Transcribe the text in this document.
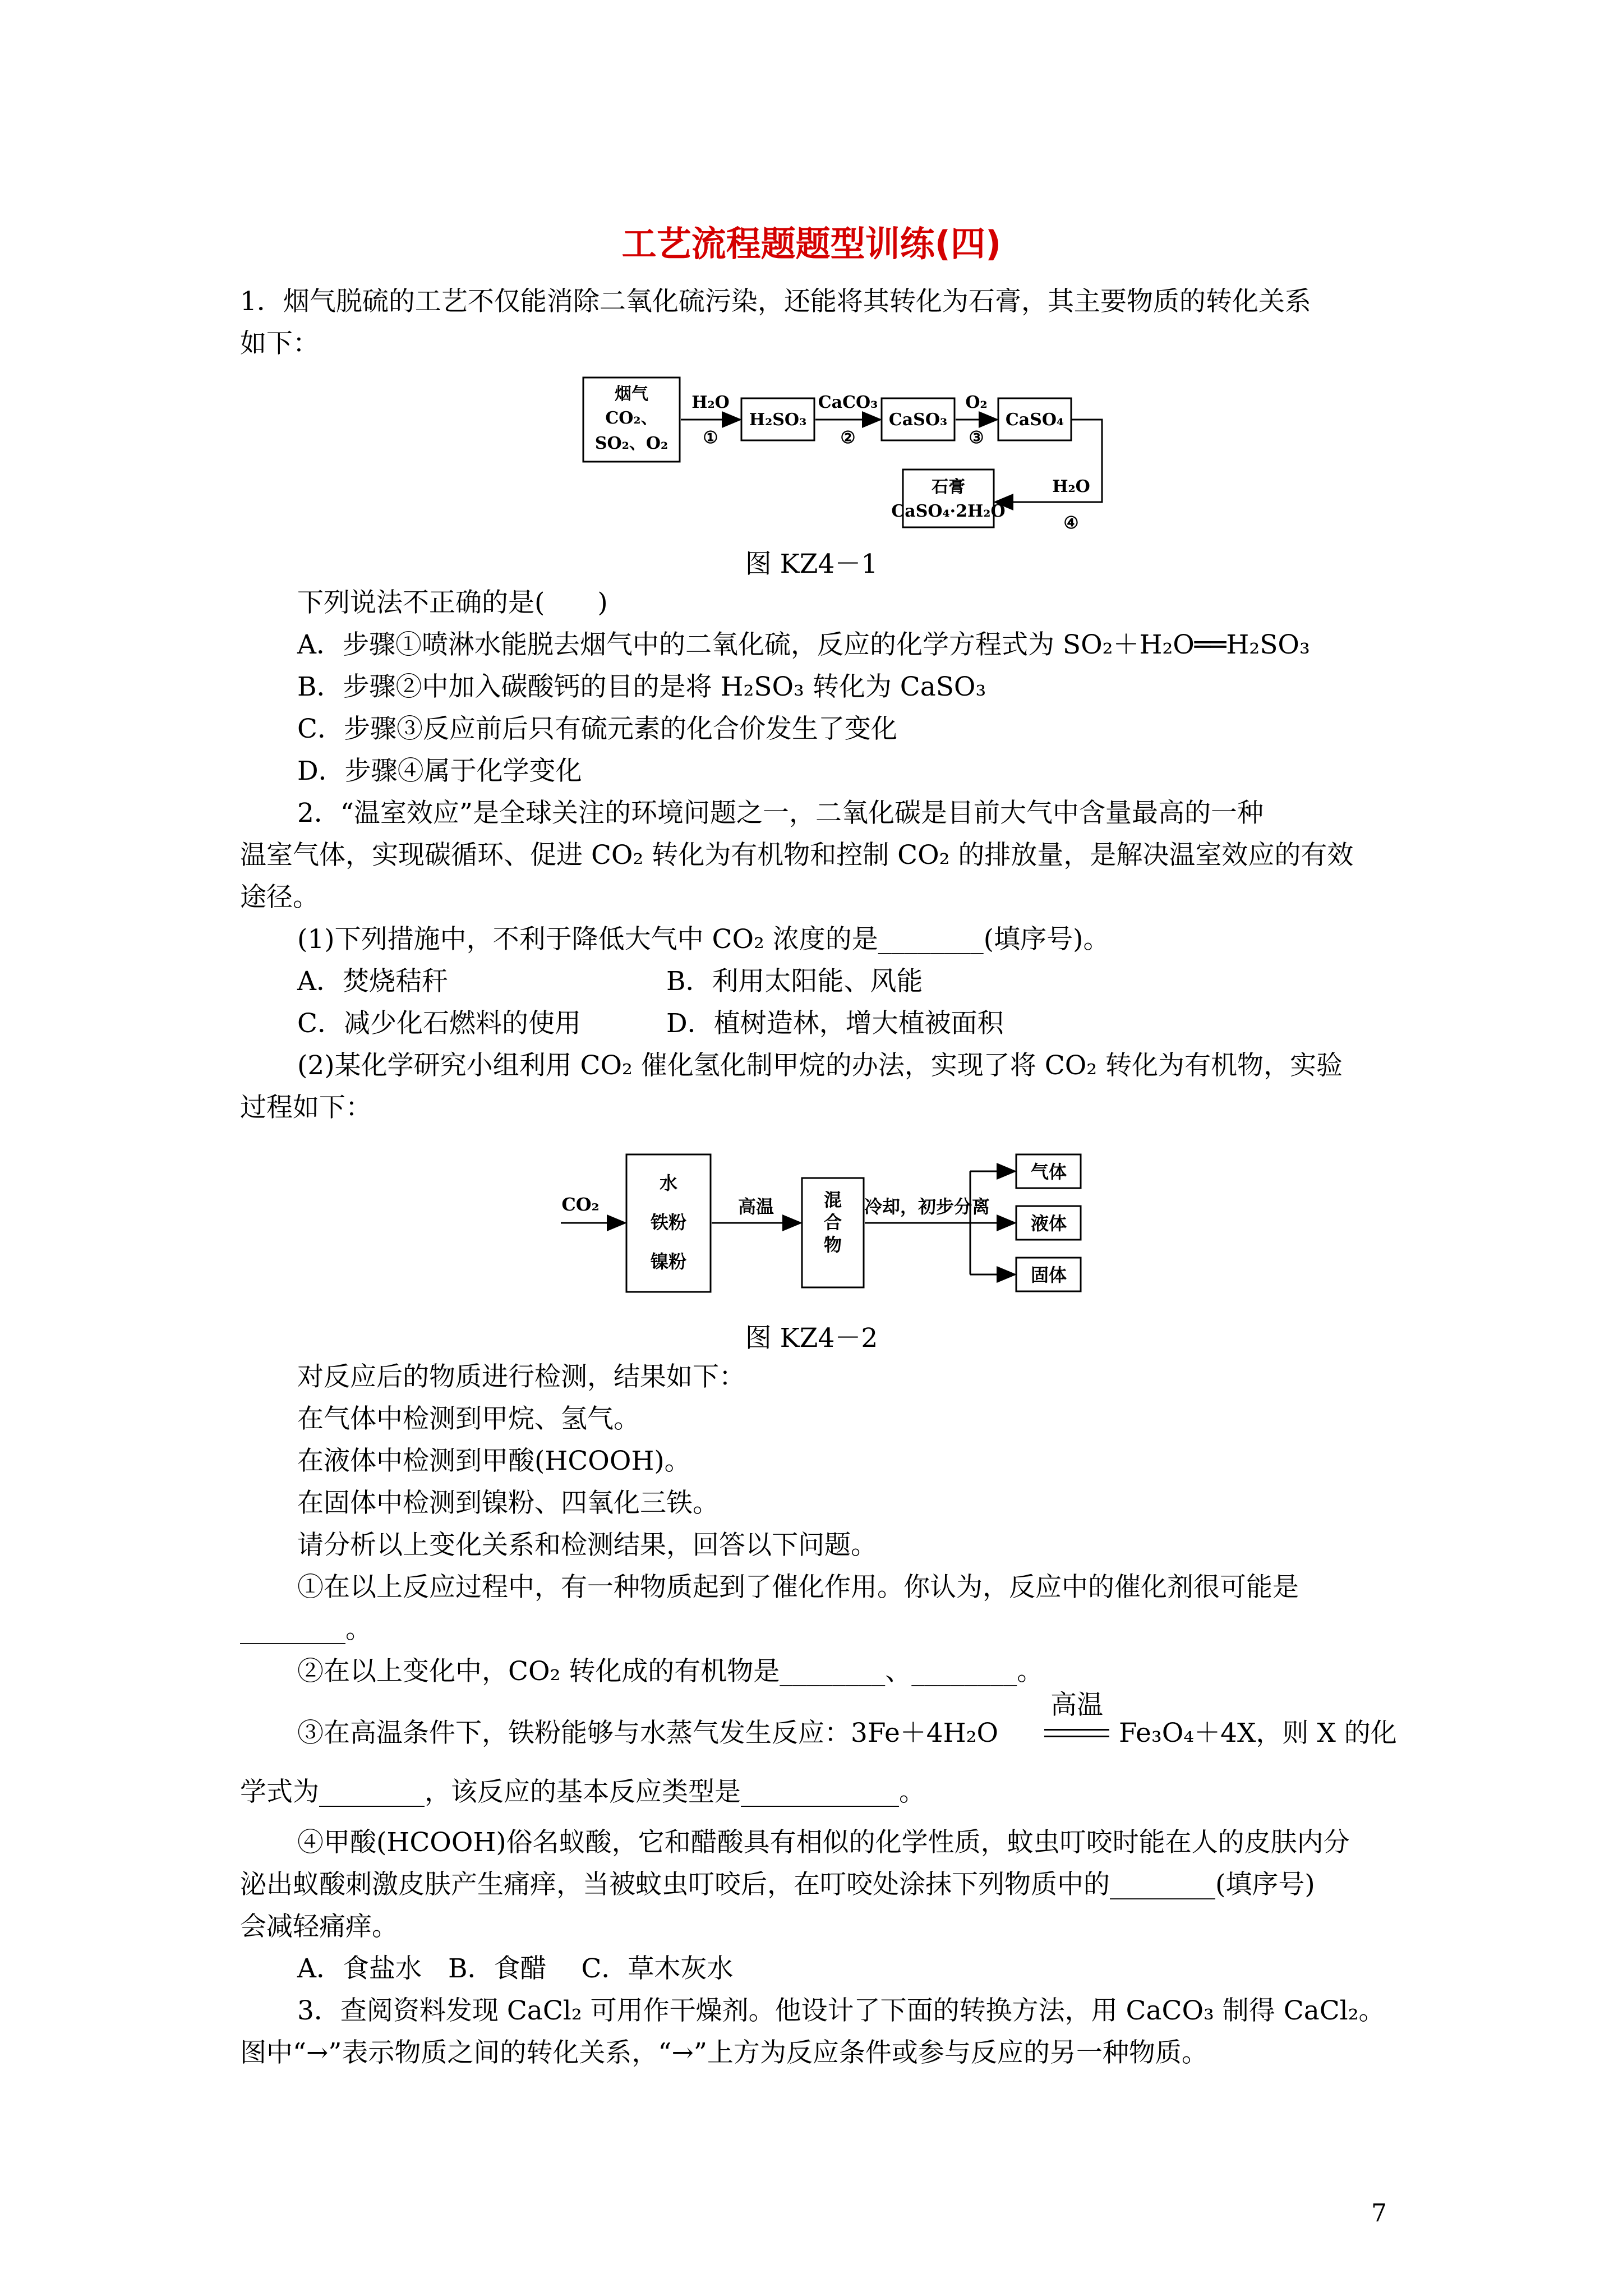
工艺流程题题型训练(四)
1．烟气脱硫的工艺不仅能消除二氧化硫污染，还能将其转化为石膏，其主要物质的转化关系
如下：
烟气
CO₂、
SO₂、O₂
H₂O
①
H₂SO₃
CaCO₃
②
CaSO₃
O₂
③
CaSO₄
H₂O
④
石膏
CaSO₄·2H₂O
图 KZ4－1
下列说法不正确的是(　　)
A．步骤①喷淋水能脱去烟气中的二氧化硫，反应的化学方程式为 SO₂＋H₂O══H₂SO₃
B．步骤②中加入碳酸钙的目的是将 H₂SO₃ 转化为 CaSO₃
C．步骤③反应前后只有硫元素的化合价发生了变化
D．步骤④属于化学变化
2．“温室效应”是全球关注的环境问题之一，二氧化碳是目前大气中含量最高的一种
温室气体，实现碳循环、促进 CO₂ 转化为有机物和控制 CO₂ 的排放量，是解决温室效应的有效
途径。
(1)下列措施中，不利于降低大气中 CO₂ 浓度的是________(填序号)。
A．焚烧秸秆	B．利用太阳能、风能
C．减少化石燃料的使用	D．植树造林，增大植被面积
(2)某化学研究小组利用 CO₂ 催化氢化制甲烷的办法，实现了将 CO₂ 转化为有机物，实验
过程如下：
CO₂
水
铁粉
镍粉
高温	混
合
物
冷却，初步分离
气体
液体
固体
图 KZ4－2
对反应后的物质进行检测，结果如下：
在气体中检测到甲烷、氢气。
在液体中检测到甲酸(HCOOH)。
在固体中检测到镍粉、四氧化三铁。
请分析以上变化关系和检测结果，回答以下问题。
①在以上反应过程中，有一种物质起到了催化作用。你认为，反应中的催化剂很可能是
________。
②在以上变化中，CO₂ 转化成的有机物是________、________。
③在高温条件下，铁粉能够与水蒸气发生反应：3Fe＋4H₂O
高温
Fe₃O₄＋4X，则 X 的化
学式为________，该反应的基本反应类型是____________。
④甲酸(HCOOH)俗名蚁酸，它和醋酸具有相似的化学性质，蚊虫叮咬时能在人的皮肤内分
泌出蚁酸刺激皮肤产生痛痒，当被蚊虫叮咬后，在叮咬处涂抹下列物质中的________(填序号)
会减轻痛痒。
A．食盐水　B．食醋　 C．草木灰水
3．查阅资料发现 CaCl₂ 可用作干燥剂。他设计了下面的转换方法，用 CaCO₃ 制得 CaCl₂。
图中“→”表示物质之间的转化关系，“→”上方为反应条件或参与反应的另一种物质。
7
